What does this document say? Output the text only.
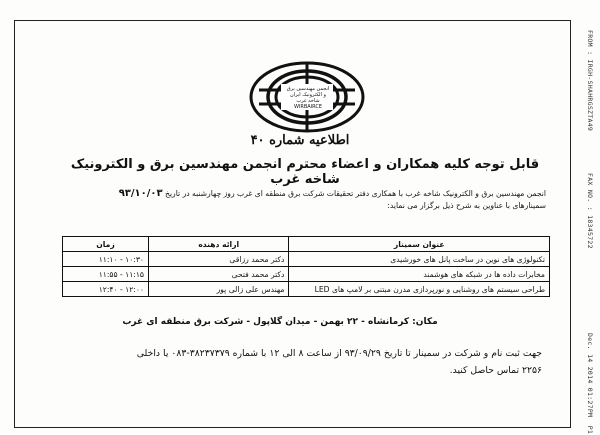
FROM : IRGH-SHAHRGSZTA49          FAX NO. : 18345722                    Dec. 14 2014 01:27PM  P1
انجمن مهندسین برق
و الکترونیک ایران
شاخه غرب
WIRBAIRCE
اطلاعیه شماره ۴۰
قابل توجه کلیه همکاران و اعضاء محترم انجمن مهندسین برق و الکترونیک شاخه غرب
انجمن مهندسین برق و الکترونیک شاخه غرب با همکاری دفتر تحقیقات شرکت برق منطقه ای غرب روز چهارشنبه در تاریخ ۹۳/۱۰/۰۳
سمینارهای با عناوین به شرح ذیل برگزار می نماید:
عنوان سمینار	ارائه دهنده	زمان
تکنولوژی های نوین در ساخت پانل های خورشیدی	دکتر محمد رزاقی	۱۰:۳۰ - ۱۱:۱۰
مخابرات داده ها در شبکه های هوشمند	دکتر محمد فتحی	۱۱:۱۵ - ۱۱:۵۵
طراحی سیستم های روشنایی و نورپردازی مدرن مبتنی بر لامپ های LED	مهندس علی زالی پور	۱۲:۰۰ - ۱۲:۴۰
مکان: کرمانشاه - ۲۲ بهمن - میدان گلاپول - شرکت برق منطقه ای غرب
جهت ثبت نام و شرکت در سمینار تا تاریخ ۹۳/۰۹/۲۹ از ساعت ۸ الی ۱۲ با شماره ۳۸۲۳۷۳۷۹-۰۸۳ یا داخلی
۲۲۵۶ تماس حاصل کنید.
